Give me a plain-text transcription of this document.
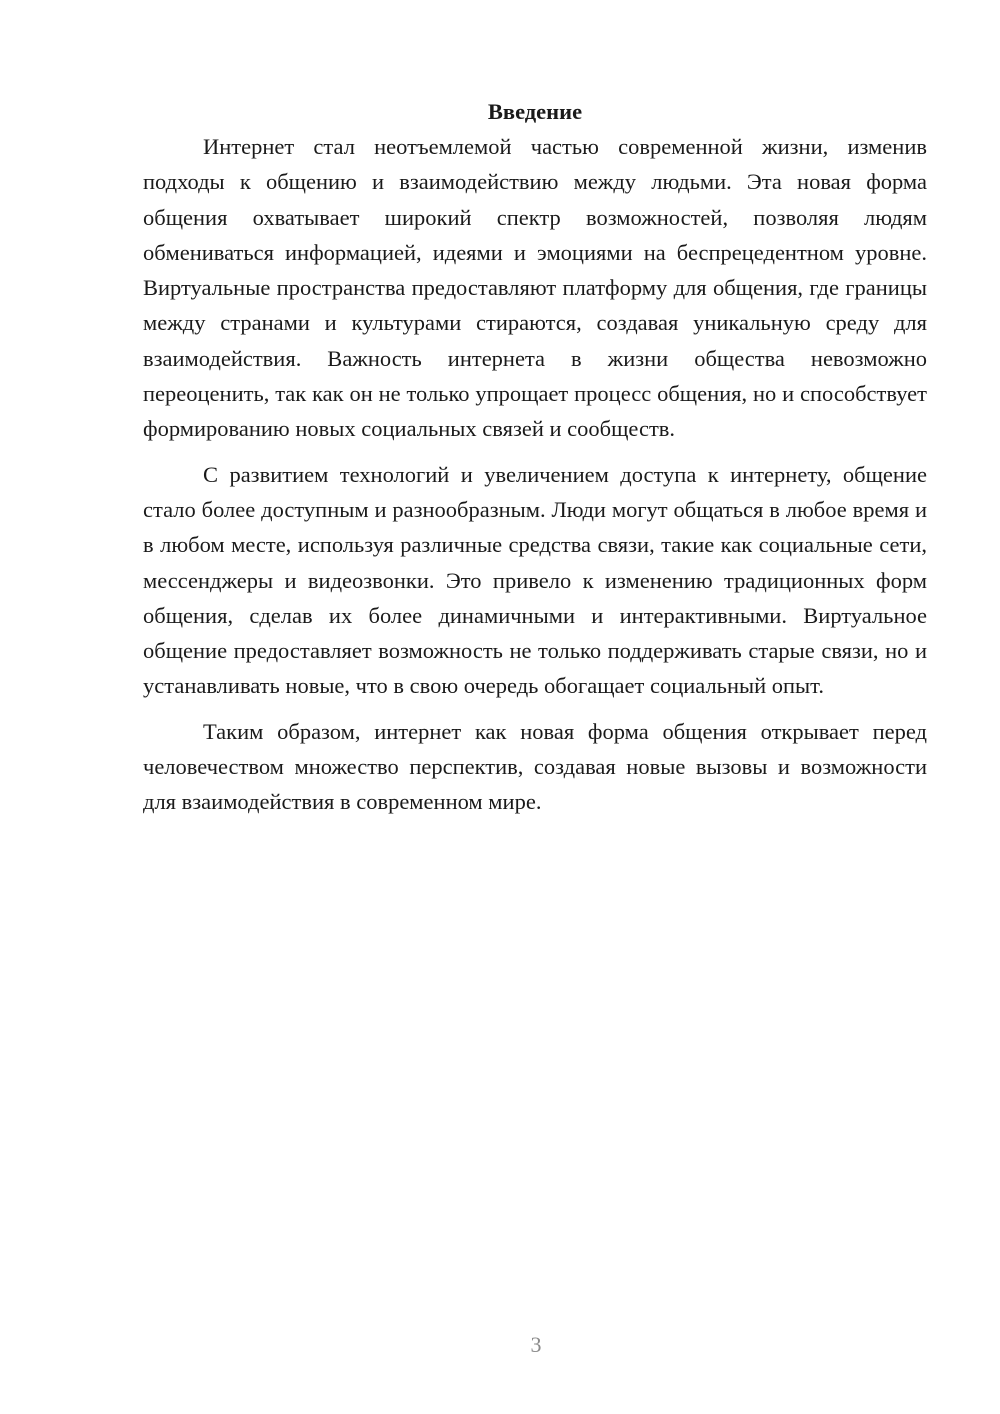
Введение

Интернет стал неотъемлемой частью современной жизни, изменив подходы к общению и взаимодействию между людьми. Эта новая форма общения охватывает широкий спектр возможностей, позволяя людям обмениваться информацией, идеями и эмоциями на беспрецедентном уровне. Виртуальные пространства предоставляют платформу для общения, где границы между странами и культурами стираются, создавая уникальную среду для взаимодействия. Важность интернета в жизни общества невозможно переоценить, так как он не только упрощает процесс общения, но и способствует формированию новых социальных связей и сообществ.

С развитием технологий и увеличением доступа к интернету, общение стало более доступным и разнообразным. Люди могут общаться в любое время и в любом месте, используя различные средства связи, такие как социальные сети, мессенджеры и видеозвонки. Это привело к изменению традиционных форм общения, сделав их более динамичными и интерактивными. Виртуальное общение предоставляет возможность не только поддерживать старые связи, но и устанавливать новые, что в свою очередь обогащает социальный опыт.

Таким образом, интернет как новая форма общения открывает перед человечеством множество перспектив, создавая новые вызовы и возможности для взаимодействия в современном мире.

3
